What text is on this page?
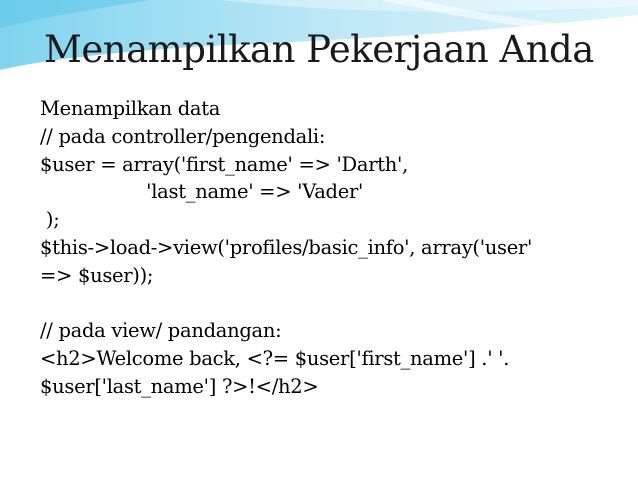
Menampilkan Pekerjaan Anda
Menampilkan data
// pada controller/pengendali:
$user = array('first_name' => 'Darth',
'last_name' => 'Vader'
);
$this->load->view('profiles/basic_info', array('user'
=> $user));
// pada view/ pandangan:
<h2>Welcome back, <?= $user['first_name'] .' '.
$user['last_name'] ?>!</h2>
